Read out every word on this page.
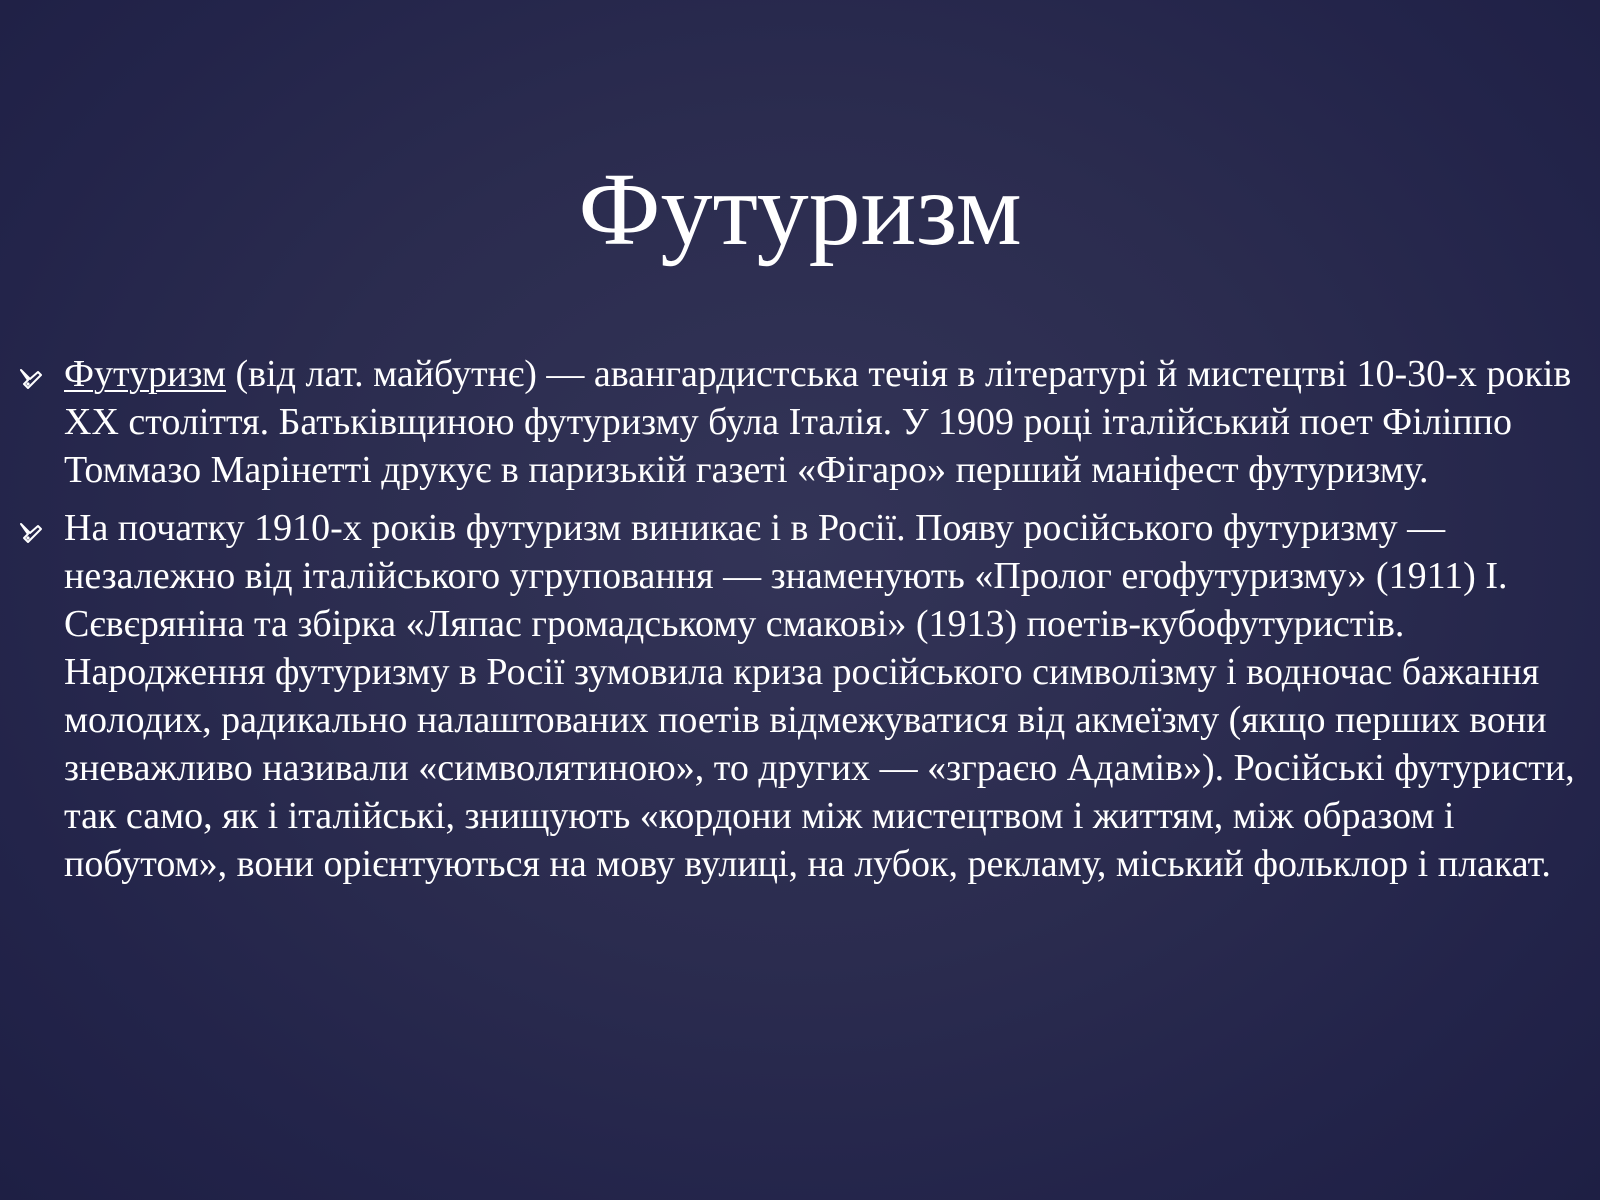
Футуризм
Футуризм (від лат. майбутнє) — авангардистська течія в літературі й мистецтві 10-30-х років XX століття. Батьківщиною футуризму була Італія. У 1909 році італійський поет Філіппо Томмазо Марінетті друкує в паризькій газеті «Фігаро» перший маніфест футуризму.
На початку 1910-х років футуризм виникає і в Росії. Появу російського футуризму — незалежно від італійського угруповання — знаменують «Пролог егофутуризму» (1911) І. Сєвєряніна та збірка «Ляпас громадському смакові» (1913) поетів-кубофутуристів. Народження футуризму в Росії зумовила криза російського символізму і водночас бажання молодих, радикально налаштованих поетів відмежуватися від акмеїзму (якщо перших вони зневажливо називали «символятиною», то других — «зграєю Адамів»). Російські футуристи, так само, як і італійські, знищують «кордони між мистецтвом і життям, між образом і побутом», вони орієнтуються на мову вулиці, на лубок, рекламу, міський фольклор і плакат.
